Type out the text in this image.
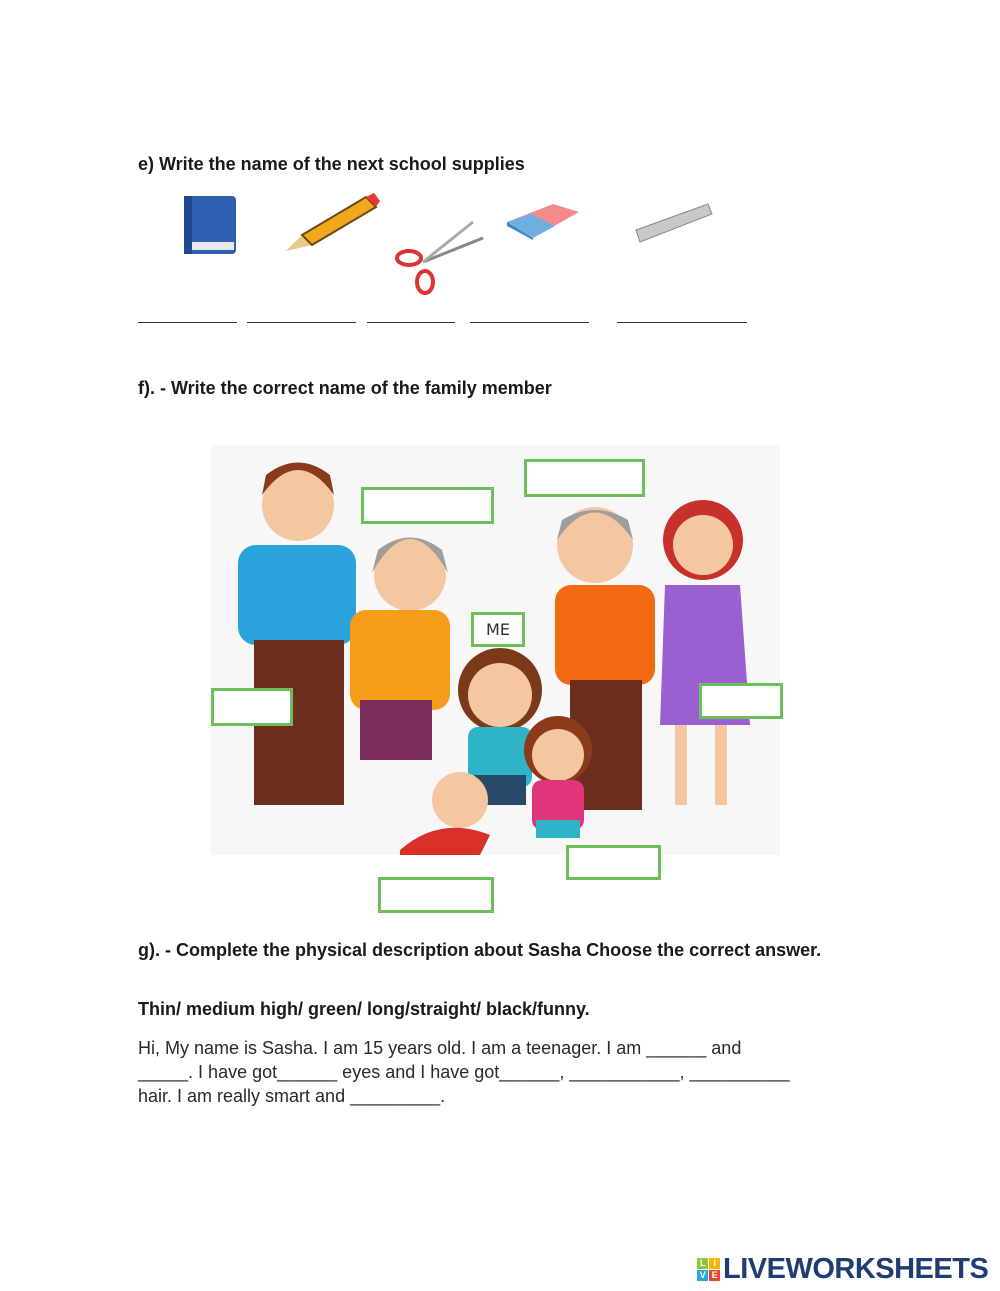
e) Write the name of the next school supplies
f). - Write the correct name of the family member
ME
g). - Complete the physical description about Sasha Choose the correct answer.
Thin/ medium high/ green/ long/straight/ black/funny.
Hi, My name is Sasha. I am 15 years old. I am a teenager. I am ______ and
_____. I have got______ eyes and I have got______, ___________, __________
hair. I am really smart and _________.
L I
V E LIVEWORKSHEETS
